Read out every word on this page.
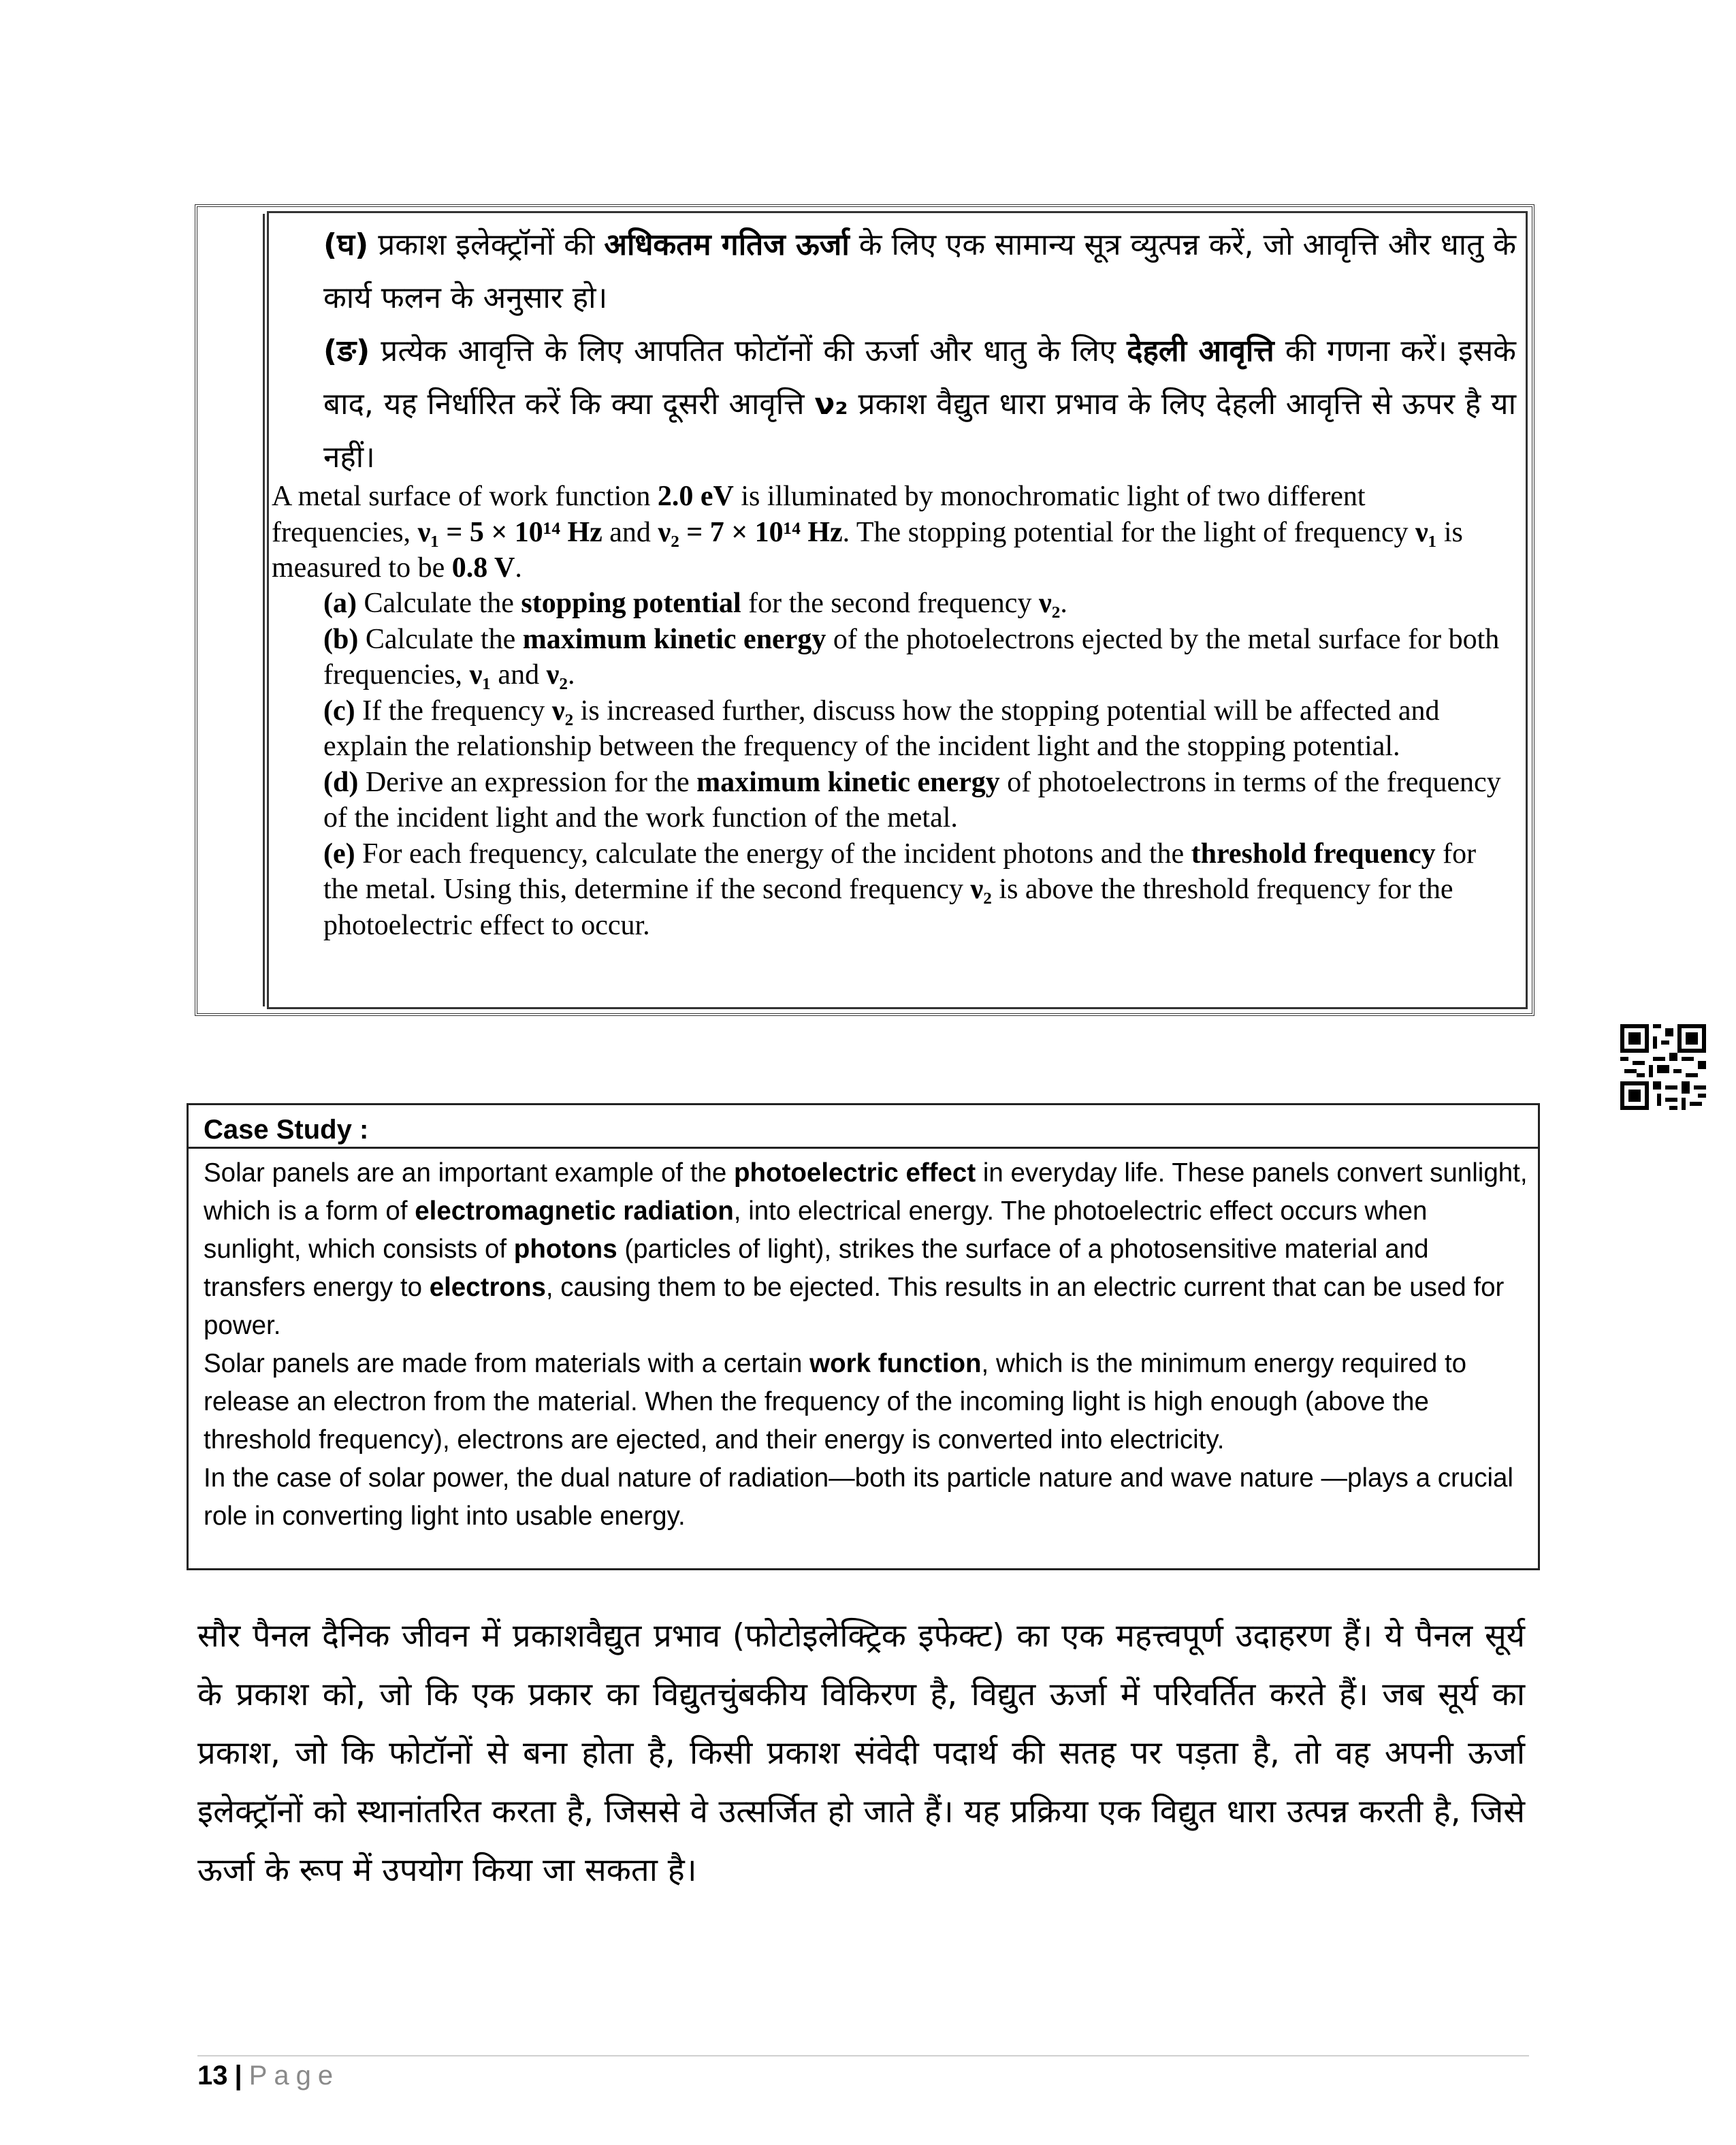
(घ) प्रकाश इलेक्ट्रॉनों की अधिकतम गतिज ऊर्जा के लिए एक सामान्य सूत्र व्युत्पन्न करें, जो आवृत्ति और धातु के कार्य फलन के अनुसार हो।

(ङ) प्रत्येक आवृत्ति के लिए आपतित फोटॉनों की ऊर्जा और धातु के लिए देहली आवृत्ति की गणना करें। इसके बाद, यह निर्धारित करें कि क्या दूसरी आवृत्ति ν₂ प्रकाश वैद्युत धारा प्रभाव के लिए देहली आवृत्ति से ऊपर है या नहीं।

A metal surface of work function 2.0 eV is illuminated by monochromatic light of two different frequencies, ν₁ = 5 × 10¹⁴ Hz and ν₂ = 7 × 10¹⁴ Hz. The stopping potential for the light of frequency ν₁ is measured to be 0.8 V.

(a) Calculate the stopping potential for the second frequency ν₂.

(b) Calculate the maximum kinetic energy of the photoelectrons ejected by the metal surface for both frequencies, ν₁ and ν₂.

(c) If the frequency ν₂ is increased further, discuss how the stopping potential will be affected and explain the relationship between the frequency of the incident light and the stopping potential.

(d) Derive an expression for the maximum kinetic energy of photoelectrons in terms of the frequency of the incident light and the work function of the metal.

(e) For each frequency, calculate the energy of the incident photons and the threshold frequency for the metal. Using this, determine if the second frequency ν₂ is above the threshold frequency for the photoelectric effect to occur.

Case Study :

Solar panels are an important example of the photoelectric effect in everyday life. These panels convert sunlight, which is a form of electromagnetic radiation, into electrical energy. The photoelectric effect occurs when sunlight, which consists of photons (particles of light), strikes the surface of a photosensitive material and transfers energy to electrons, causing them to be ejected. This results in an electric current that can be used for power.

Solar panels are made from materials with a certain work function, which is the minimum energy required to release an electron from the material. When the frequency of the incoming light is high enough (above the threshold frequency), electrons are ejected, and their energy is converted into electricity.

In the case of solar power, the dual nature of radiation—both its particle nature and wave nature —plays a crucial role in converting light into usable energy.

सौर पैनल दैनिक जीवन में प्रकाशवैद्युत प्रभाव (फोटोइलेक्ट्रिक इफेक्ट) का एक महत्त्वपूर्ण उदाहरण हैं। ये पैनल सूर्य के प्रकाश को, जो कि एक प्रकार का विद्युतचुंबकीय विकिरण है, विद्युत ऊर्जा में परिवर्तित करते हैं। जब सूर्य का प्रकाश, जो कि फोटॉनों से बना होता है, किसी प्रकाश संवेदी पदार्थ की सतह पर पड़ता है, तो वह अपनी ऊर्जा इलेक्ट्रॉनों को स्थानांतरित करता है, जिससे वे उत्सर्जित हो जाते हैं। यह प्रक्रिया एक विद्युत धारा उत्पन्न करती है, जिसे ऊर्जा के रूप में उपयोग किया जा सकता है।

13 | Page
